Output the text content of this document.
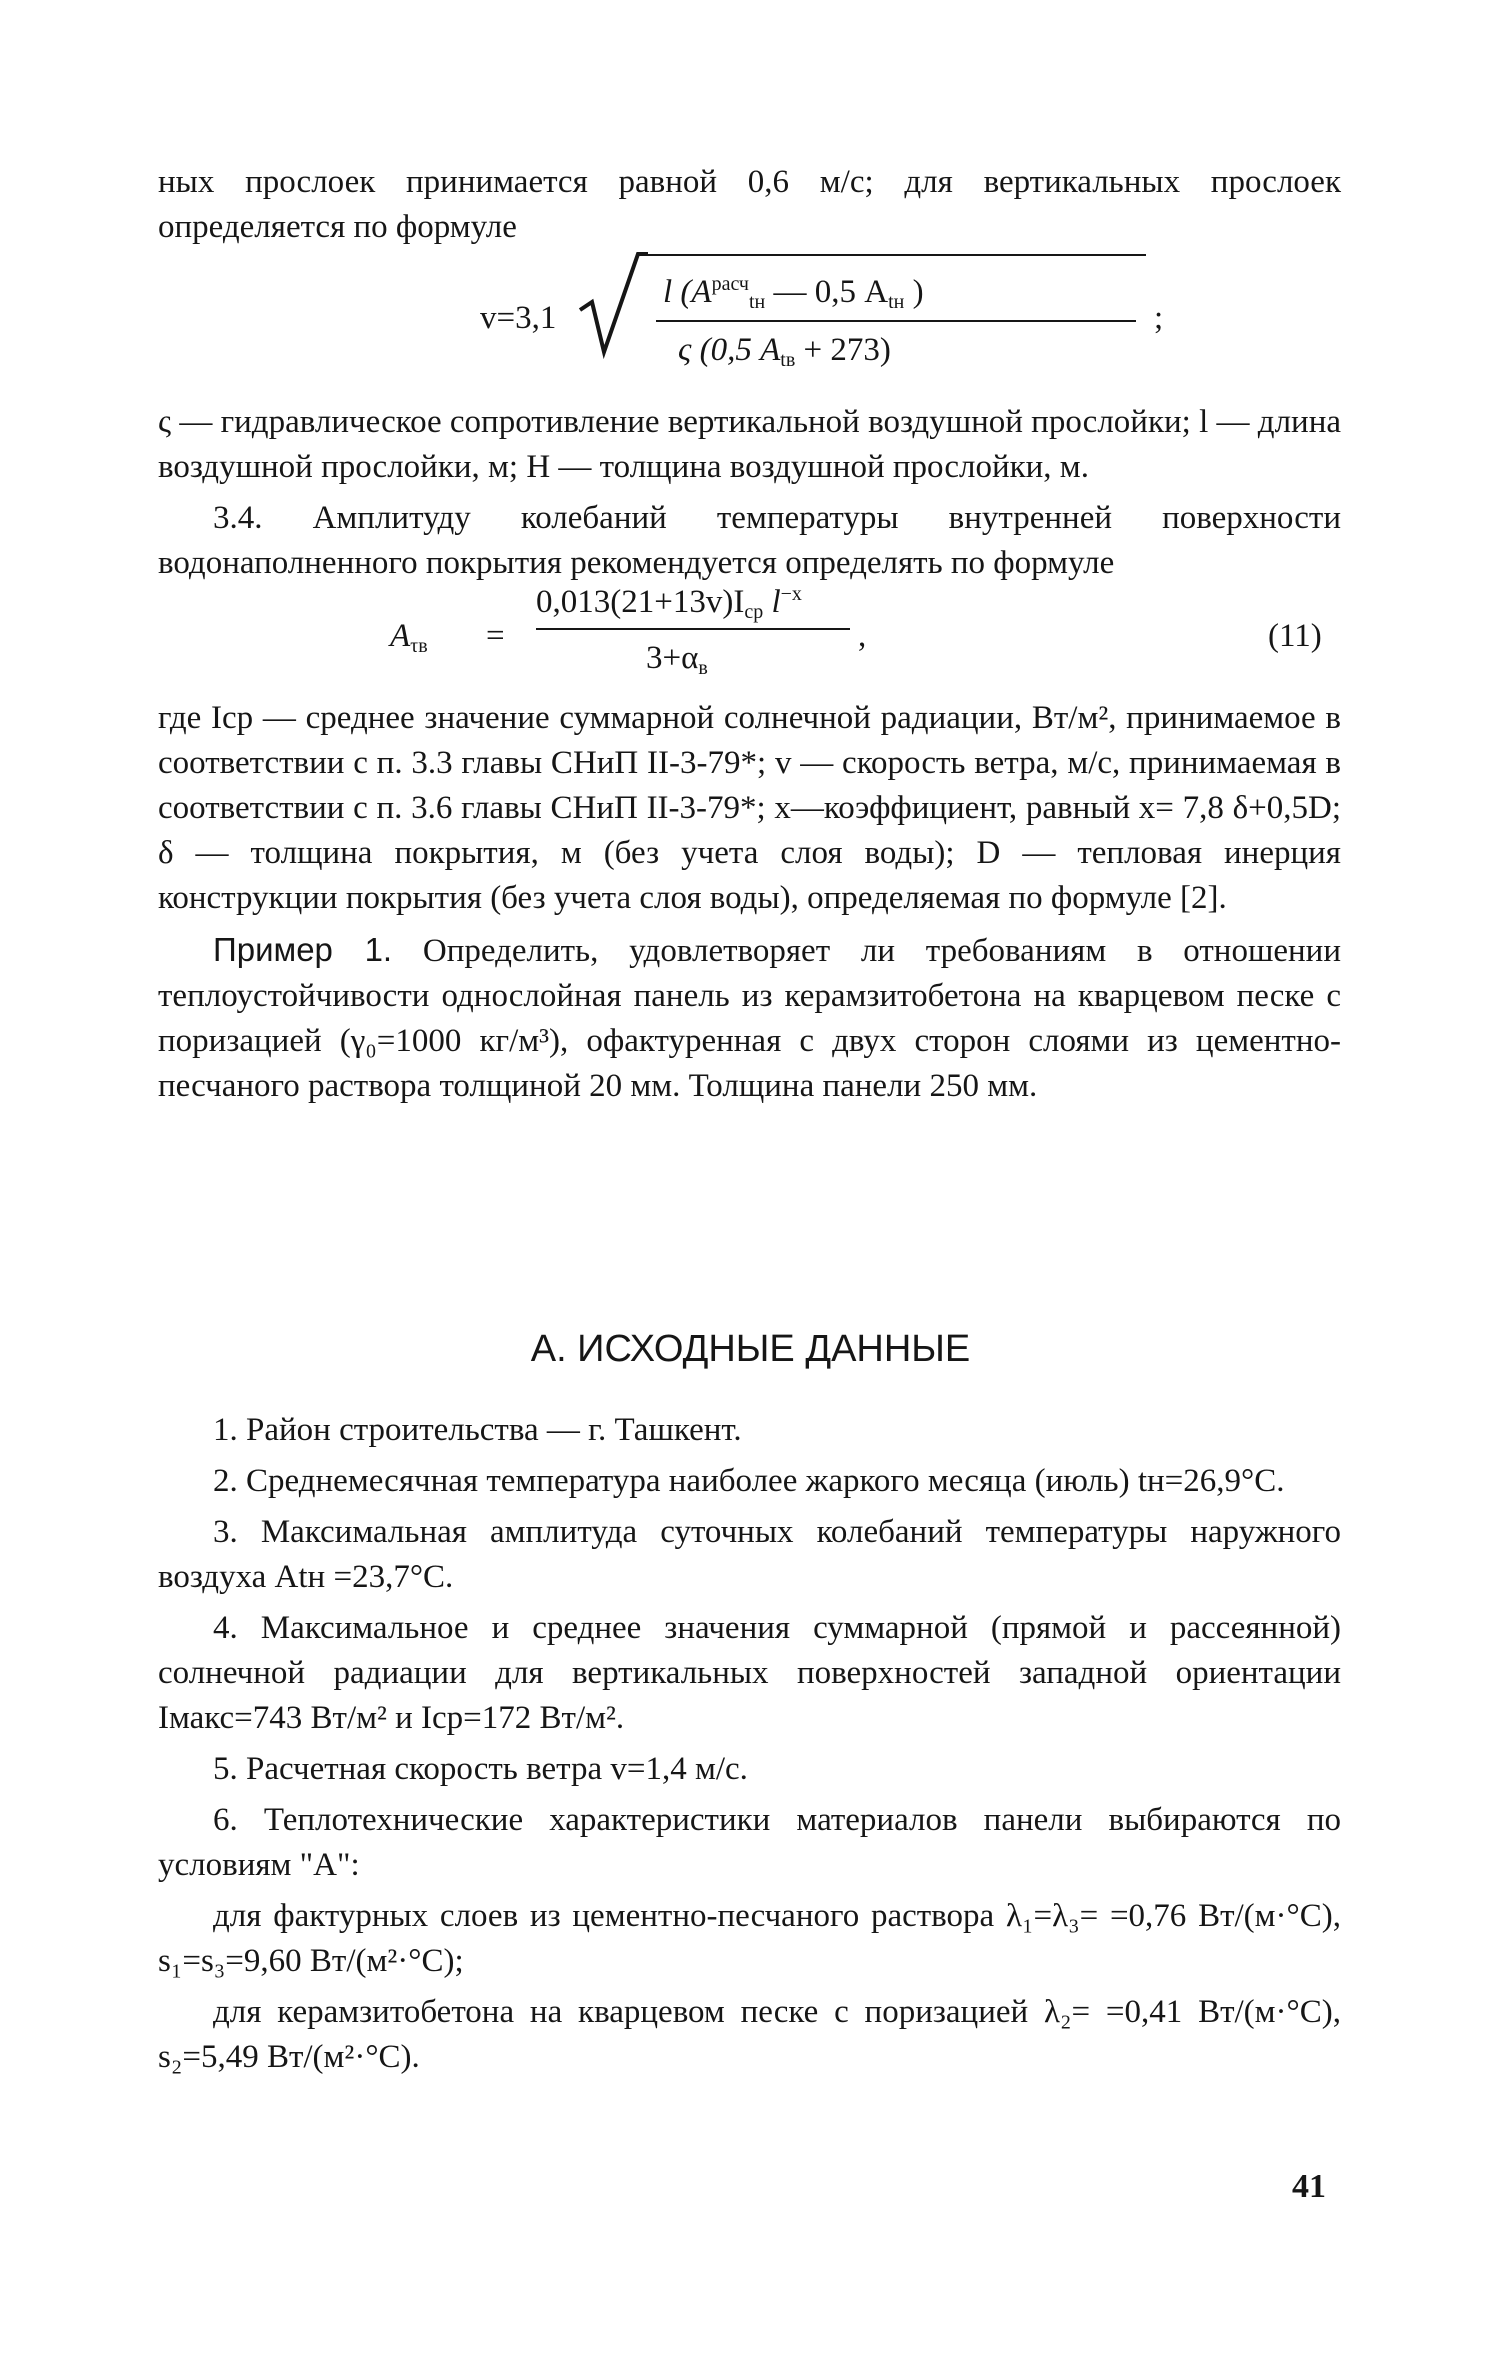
ных прослоек принимается равной 0,6 м/с; для вертикальных прослоек определяется по формуле

v=3,1
l ($A^{расч}_{tн}$ — 0,5 $A_{tн}$ )
ς (0,5 $A_{tв} + 273$)
;

ς — гидравлическое сопротивление вертикальной воздушной прослойки; l — длина воздушной прослойки, м; H — толщина воздушной прослойки, м.

3.4. Амплитуду колебаний температуры внутренней поверхности водонаполненного покрытия рекомендуется определять по формуле

$A_{\tau в}$ =
$0,013(21+13v)I_{ср}$ $l^{-x}$
$3+\alpha_в$
,	(11)

где Iср — среднее значение суммарной солнечной радиации, Вт/м², принимаемое в соответствии с п. 3.3 главы СНиП II-3-79*; v — скорость ветра, м/с, принимаемая в соответствии с п. 3.6 главы СНиП II-3-79*; x—коэффициент, равный x= 7,8 δ+0,5D; δ — толщина покрытия, м (без учета слоя воды); D — тепловая инерция конструкции покрытия (без учета слоя воды), определяемая по формуле [2].

Пример 1. Определить, удовлетворяет ли требованиям в отношении теплоустойчивости однослойная панель из керамзитобетона на кварцевом песке с поризацией (γ₀=1000 кг/м³), офактуренная с двух сторон слоями из цементно-песчаного раствора толщиной 20 мм. Толщина панели 250 мм.

А. ИСХОДНЫЕ ДАННЫЕ

1. Район строительства — г. Ташкент.

2. Среднемесячная температура наиболее жаркого месяца (июль) tн=26,9°С.

3. Максимальная амплитуда суточных колебаний температуры наружного воздуха Atн =23,7°С.

4. Максимальное и среднее значения суммарной (прямой и рассеянной) солнечной радиации для вертикальных поверхностей западной ориентации Iмакс=743 Вт/м² и Iср=172 Вт/м².

5. Расчетная скорость ветра v=1,4 м/с.

6. Теплотехнические характеристики материалов панели выбираются по условиям "А":

для фактурных слоев из цементно-песчаного раствора λ₁=λ₃= =0,76 Вт/(м·°С), s₁=s₃=9,60 Вт/(м²·°С);

для керамзитобетона на кварцевом песке с поризацией λ₂= =0,41 Вт/(м·°С), s₂=5,49 Вт/(м²·°С).

41
